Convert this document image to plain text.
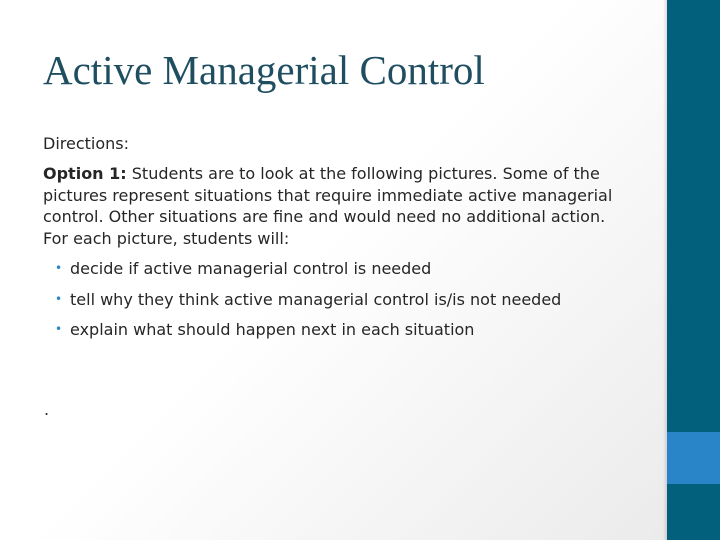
Active Managerial Control

Directions:

Option 1: Students are to look at the following pictures. Some of the pictures represent situations that require immediate active managerial control. Other situations are fine and would need no additional action. For each picture, students will:

• decide if active managerial control is needed
• tell why they think active managerial control is/is not needed
• explain what should happen next in each situation
.
